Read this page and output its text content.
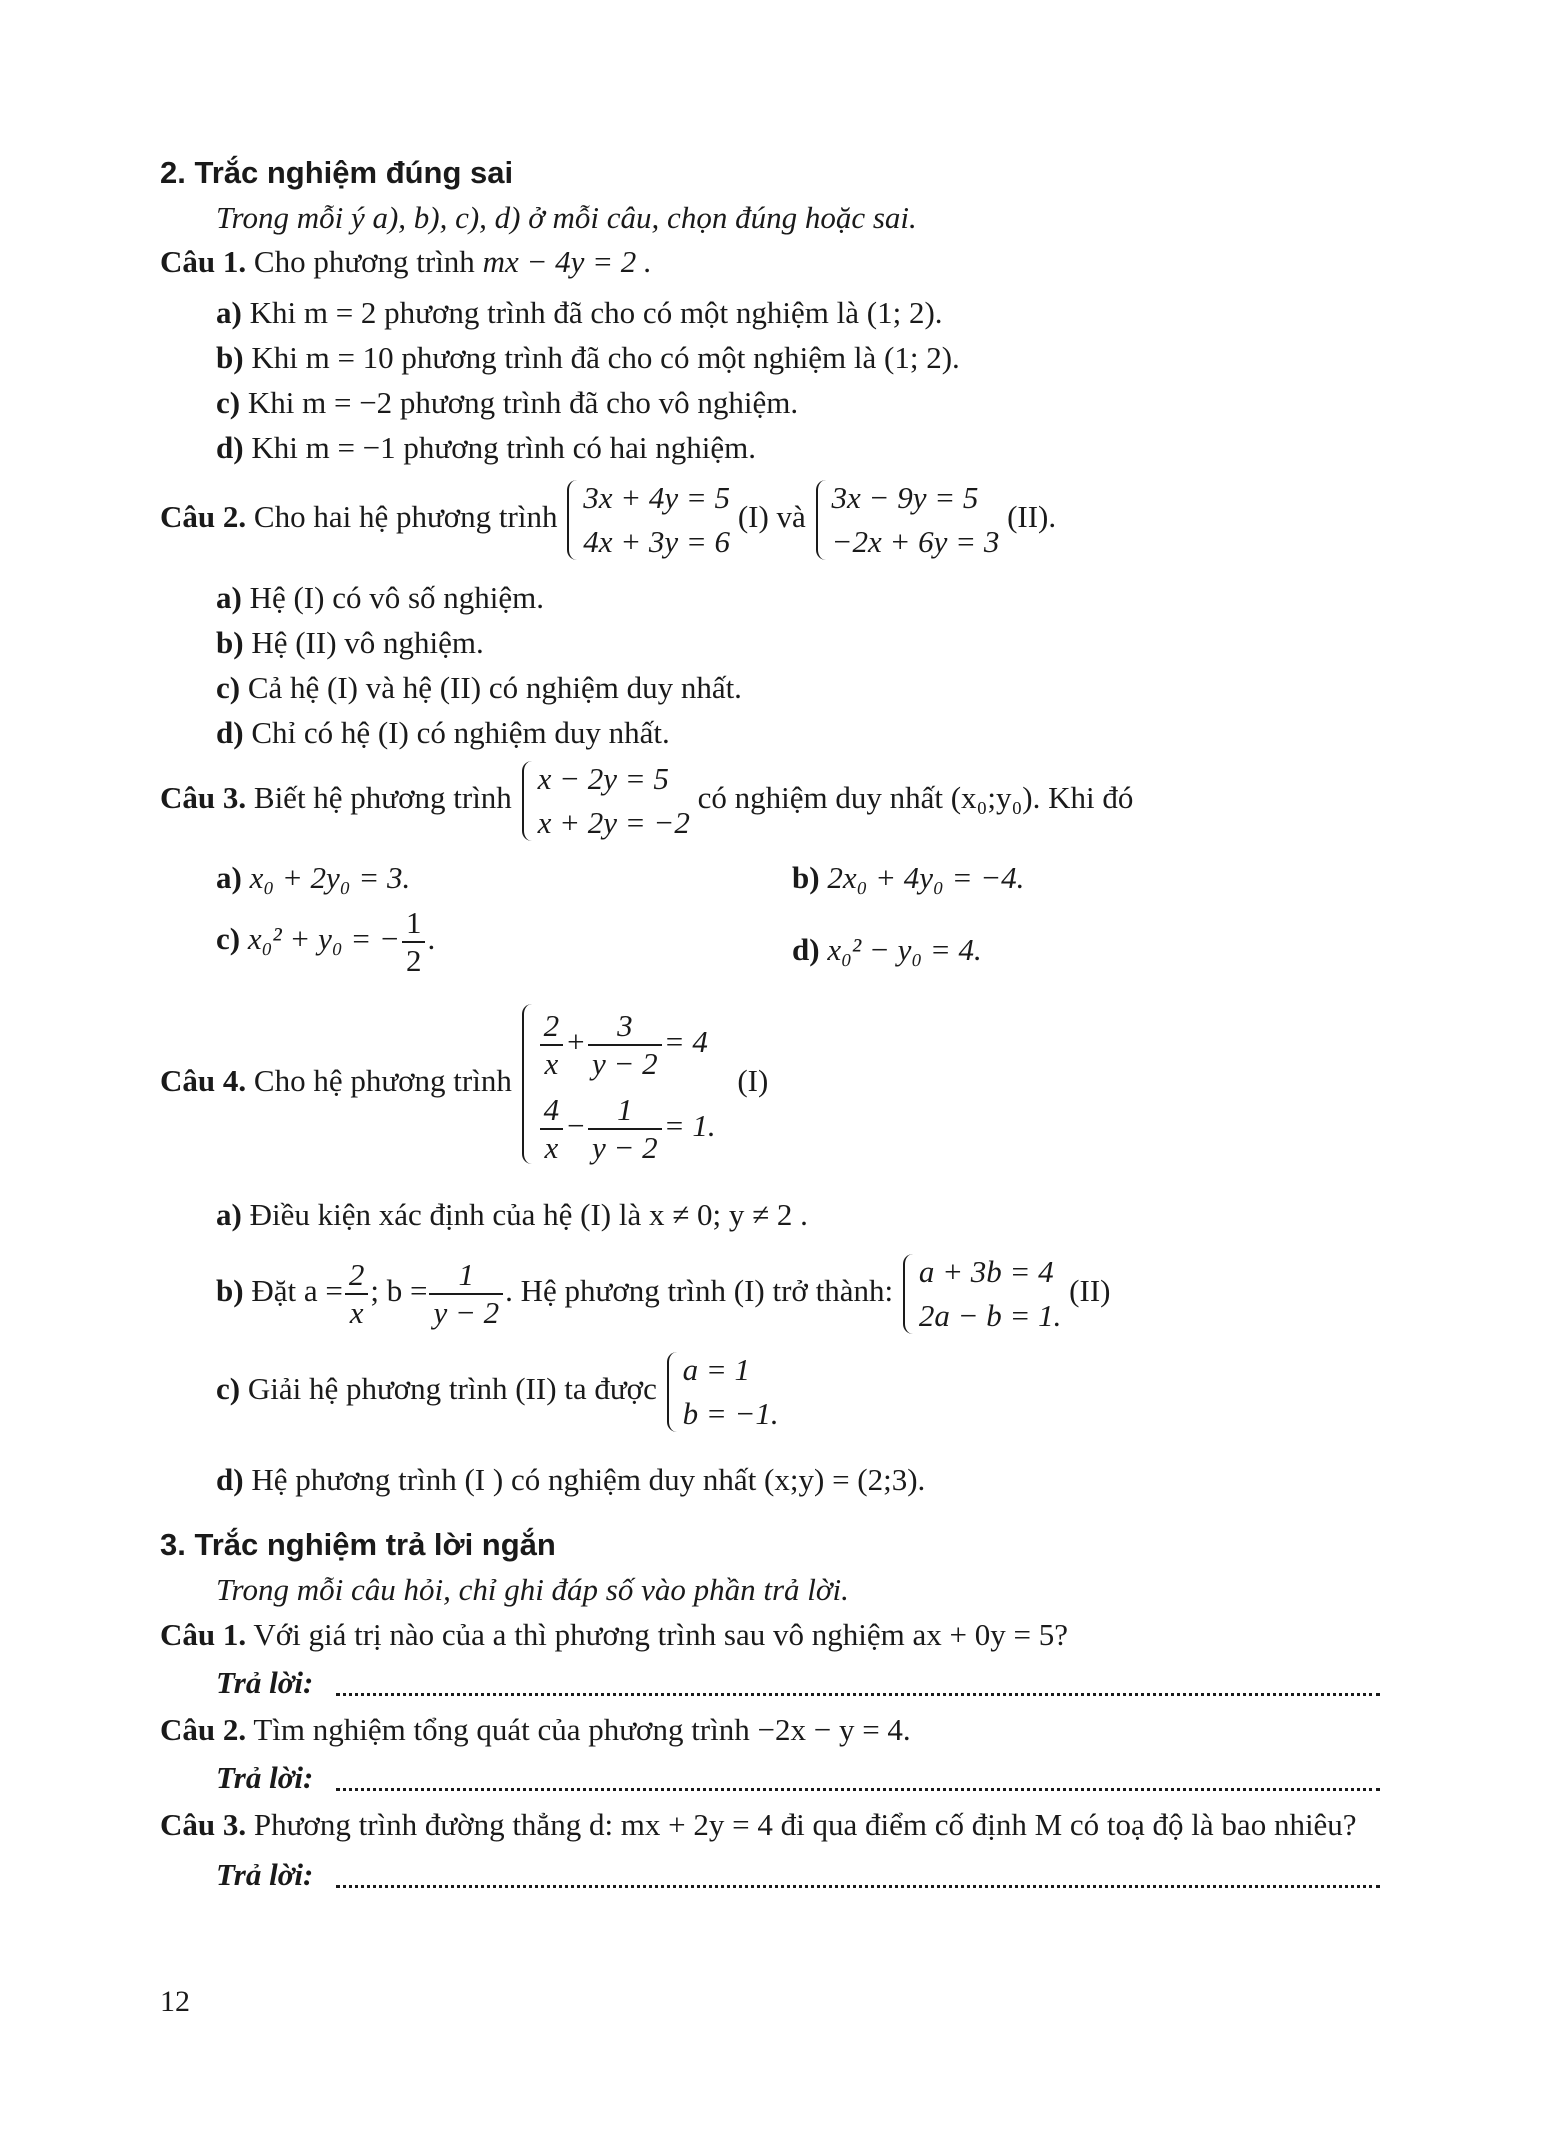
2. Trắc nghiệm đúng sai
Trong mỗi ý a), b), c), d) ở mỗi câu, chọn đúng hoặc sai.
Câu 1. Cho phương trình mx − 4y = 2 .
a) Khi m = 2 phương trình đã cho có một nghiệm là (1; 2).
b) Khi m = 10 phương trình đã cho có một nghiệm là (1; 2).
c) Khi m = −2 phương trình đã cho vô nghiệm.
d) Khi m = −1 phương trình có hai nghiệm.
Câu 2. Cho hai hệ phương trình
3x + 4y = 5
4x + 3y = 6
(I) và
3x − 9y = 5
−2x + 6y = 3
(II).
a) Hệ (I) có vô số nghiệm.
b) Hệ (II) vô nghiệm.
c) Cả hệ (I) và hệ (II) có nghiệm duy nhất.
d) Chỉ có hệ (I) có nghiệm duy nhất.
Câu 3. Biết hệ phương trình
x − 2y = 5
x + 2y = −2
có nghiệm duy nhất (x₀;y₀). Khi đó
a) x₀ + 2y₀ = 3.	b) 2x₀ + 4y₀ = −4.
c) x₀² + y₀ = − $\frac{1}{2}$ .	d) x₀² − y₀ = 4.
Câu 4. Cho hệ phương trình $\frac{2}{x} + \frac{3}{y - 2} = 4$
$\frac{4}{x} - \frac{1}{y - 2} = 1$.
(I)
a) Điều kiện xác định của hệ (I) là x ≠ 0; y ≠ 2 .
b) Đặt $a = \frac{2}{x}$ ; $b = \frac{1}{y - 2}$ . Hệ phương trình (I) trở thành:
a + 3b = 4
2a − b = 1.
(II)
c) Giải hệ phương trình (II) ta được
a = 1
b = −1.
d) Hệ phương trình (I ) có nghiệm duy nhất (x;y) = (2;3).
3. Trắc nghiệm trả lời ngắn
Trong mỗi câu hỏi, chỉ ghi đáp số vào phần trả lời.
Câu 1. Với giá trị nào của a thì phương trình sau vô nghiệm ax + 0y = 5?
Trả lời:
Câu 2. Tìm nghiệm tổng quát của phương trình −2x − y = 4.
Trả lời:
Câu 3. Phương trình đường thẳng d: mx + 2y = 4 đi qua điểm cố định M có toạ độ là bao nhiêu?
Trả lời:
12
